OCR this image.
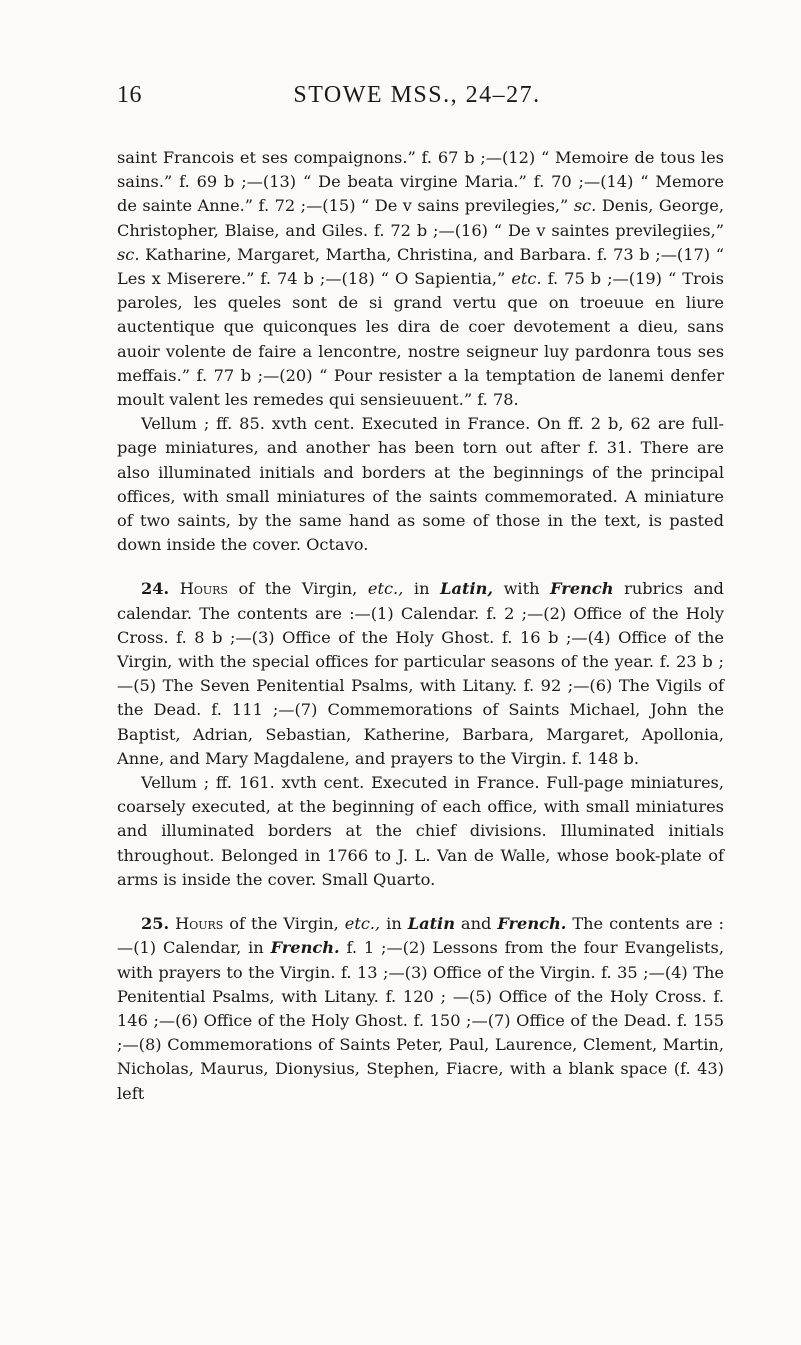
16	STOWE MSS., 24–27.

saint Francois et ses compaignons.” f. 67 b ;—(12) “ Memoire de tous les sains.” f. 69 b ;—(13) “ De beata virgine Maria.” f. 70 ;—(14) “ Memore de sainte Anne.” f. 72 ;—(15) “ De v sains previlegies,” sc. Denis, George, Christopher, Blaise, and Giles. f. 72 b ;—(16) “ De v saintes previlegiies,” sc. Katharine, Margaret, Martha, Christina, and Barbara. f. 73 b ;—(17) “ Les x Miserere.” f. 74 b ;—(18) “ O Sapientia,” etc. f. 75 b ;—(19) “ Trois paroles, les queles sont de si grand vertu que on troeuue en liure auctentique que quiconques les dira de coer devotement a dieu, sans auoir volente de faire a lencontre, nostre seigneur luy pardonra tous ses meffais.” f. 77 b ;—(20) “ Pour resister a la temptation de lanemi denfer moult valent les remedes qui sensieuuent.” f. 78.

Vellum ; ff. 85. xvth cent. Executed in France. On ff. 2 b, 62 are full-page miniatures, and another has been torn out after f. 31. There are also illuminated initials and borders at the beginnings of the principal offices, with small miniatures of the saints commemorated. A miniature of two saints, by the same hand as some of those in the text, is pasted down inside the cover. Octavo.

24. Hours of the Virgin, etc., in Latin, with French rubrics and calendar. The contents are :—(1) Calendar. f. 2 ;—(2) Office of the Holy Cross. f. 8 b ;—(3) Office of the Holy Ghost. f. 16 b ;—(4) Office of the Virgin, with the special offices for particular seasons of the year. f. 23 b ;—(5) The Seven Penitential Psalms, with Litany. f. 92 ;—(6) The Vigils of the Dead. f. 111 ;—(7) Commemorations of Saints Michael, John the Baptist, Adrian, Sebastian, Katherine, Barbara, Margaret, Apollonia, Anne, and Mary Magdalene, and prayers to the Virgin. f. 148 b.

Vellum ; ff. 161. xvth cent. Executed in France. Full-page miniatures, coarsely executed, at the beginning of each office, with small miniatures and illuminated borders at the chief divisions. Illuminated initials throughout. Belonged in 1766 to J. L. Van de Walle, whose book-plate of arms is inside the cover. Small Quarto.

25. Hours of the Virgin, etc., in Latin and French. The contents are :—(1) Calendar, in French. f. 1 ;—(2) Lessons from the four Evangelists, with prayers to the Virgin. f. 13 ;—(3) Office of the Virgin. f. 35 ;—(4) The Penitential Psalms, with Litany. f. 120 ; —(5) Office of the Holy Cross. f. 146 ;—(6) Office of the Holy Ghost. f. 150 ;—(7) Office of the Dead. f. 155 ;—(8) Commemorations of Saints Peter, Paul, Laurence, Clement, Martin, Nicholas, Maurus, Dionysius, Stephen, Fiacre, with a blank space (f. 43) left
